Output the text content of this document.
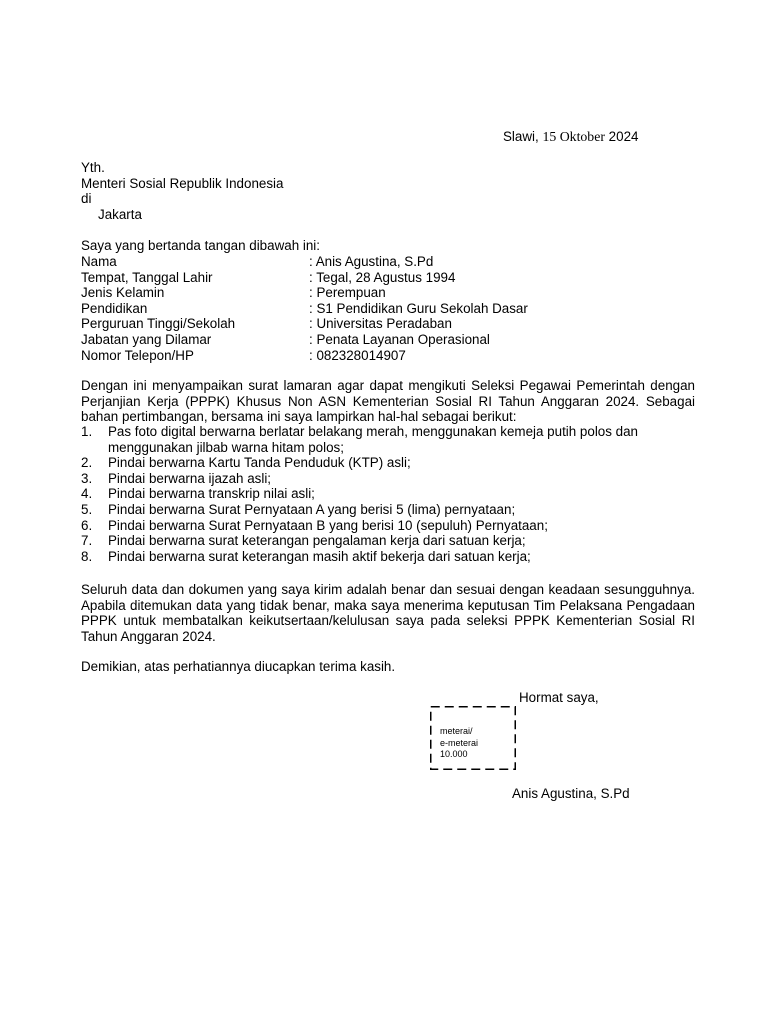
Slawi, 15 Oktober 2024
Yth.
Menteri Sosial Republik Indonesia
di
Jakarta
Saya yang bertanda tangan dibawah ini:
Nama	: Anis Agustina, S.Pd
Tempat, Tanggal Lahir	: Tegal, 28 Agustus 1994
Jenis Kelamin	: Perempuan
Pendidikan	: S1 Pendidikan Guru Sekolah Dasar
Perguruan Tinggi/Sekolah	: Universitas Peradaban
Jabatan yang Dilamar	: Penata Layanan Operasional
Nomor Telepon/HP	: 082328014907
Dengan ini menyampaikan surat lamaran agar dapat mengikuti Seleksi Pegawai Pemerintah dengan Perjanjian Kerja (PPPK) Khusus Non ASN Kementerian Sosial RI Tahun Anggaran 2024. Sebagai bahan pertimbangan, bersama ini saya lampirkan hal-hal sebagai berikut:
1. Pas foto digital berwarna berlatar belakang merah, menggunakan kemeja putih polos dan menggunakan jilbab warna hitam polos;
2. Pindai berwarna Kartu Tanda Penduduk (KTP) asli;
3. Pindai berwarna ijazah asli;
4. Pindai berwarna transkrip nilai asli;
5. Pindai berwarna Surat Pernyataan A yang berisi 5 (lima) pernyataan;
6. Pindai berwarna Surat Pernyataan B yang berisi 10 (sepuluh) Pernyataan;
7. Pindai berwarna surat keterangan pengalaman kerja dari satuan kerja;
8. Pindai berwarna surat keterangan masih aktif bekerja dari satuan kerja;
Seluruh data dan dokumen yang saya kirim adalah benar dan sesuai dengan keadaan sesungguhnya. Apabila ditemukan data yang tidak benar, maka saya menerima keputusan Tim Pelaksana Pengadaan PPPK untuk membatalkan keikutsertaan/kelulusan saya pada seleksi PPPK Kementerian Sosial RI Tahun Anggaran 2024.
Demikian, atas perhatiannya diucapkan terima kasih.
Hormat saya,
meterai/
e-meterai
10.000
Anis Agustina, S.Pd
